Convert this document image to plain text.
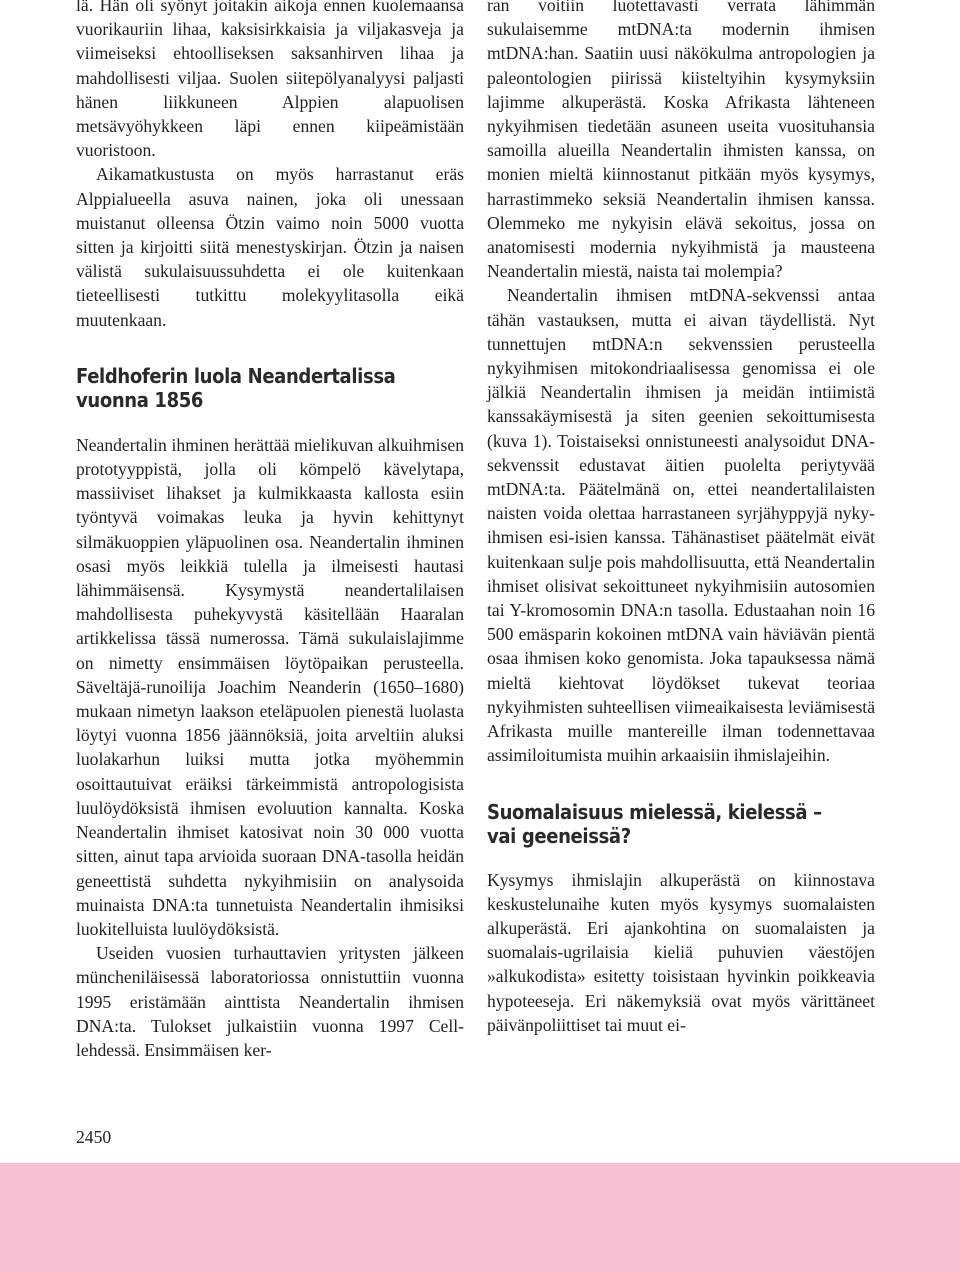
lä. Hän oli syönyt joitakin aikoja ennen kuolemaansa vuorikauriin lihaa, kaksisirkkaisia ja viljakasveja ja viimeiseksi ehtoolliseksen saksanhirven lihaa ja mahdollisesti viljaa. Suolen siitepölyanalyysi paljasti hänen liikkuneen Alppien alapuolisen metsävyöhykkeen läpi ennen kiipeämistään vuoristoon.

Aikamatkustusta on myös harrastanut eräs Alppialueella asuva nainen, joka oli unessaan muistanut olleensa Ötzin vaimo noin 5000 vuotta sitten ja kirjoitti siitä menestyskirjan. Ötzin ja naisen välistä sukulaisuussuhdetta ei ole kuitenkaan tieteellisesti tutkittu molekyylitasolla eikä muutenkaan.

Feldhoferin luola Neandertalissa vuonna 1856

Neandertalin ihminen herättää mielikuvan alkuihmisen prototyyppistä, jolla oli kömpelö kävelytapa, massiiviset lihakset ja kulmikkaasta kallosta esiin työntyvä voimakas leuka ja hyvin kehittynyt silmäkuoppien yläpuolinen osa. Neandertalin ihminen osasi myös leikkiä tulella ja ilmeisesti hautasi lähimmäisensä. Kysymystä neandertalilaisen mahdollisesta puhekyvystä käsitellään Haaralan artikkelissa tässä numerossa. Tämä sukulaislajimme on nimetty ensimmäisen löytöpaikan perusteella. Säveltäjä-runoilija Joachim Neanderin (1650–1680) mukaan nimetyn laakson eteläpuolen pienestä luolasta löytyi vuonna 1856 jäännöksiä, joita arveltiin aluksi luolakarhun luiksi mutta jotka myöhemmin osoittautuivat eräiksi tärkeimmistä antropologisista luulöydöksistä ihmisen evoluution kannalta. Koska Neandertalin ihmiset katosivat noin 30 000 vuotta sitten, ainut tapa arvioida suoraan DNA-tasolla heidän geneettistä suhdetta nykyihmisiin on analysoida muinaista DNA:ta tunnetuista Neandertalin ihmisiksi luokitelluista luulöydöksistä.

Useiden vuosien turhauttavien yritysten jälkeen müncheniläisessä laboratoriossa onnistuttiin vuonna 1995 eristämään ainttista Neandertalin ihmisen DNA:ta. Tulokset julkaistiin vuonna 1997 Cell-lehdessä. Ensimmäisen ker-

ran voitiin luotettavasti verrata lähimmän sukulaisemme mtDNA:ta modernin ihmisen mtDNA:han. Saatiin uusi näkökulma antropologien ja paleontologien piirissä kiisteltyihin kysymyksiin lajimme alkuperästä. Koska Afrikasta lähteneen nykyihmisen tiedetään asuneen useita vuosituhansia samoilla alueilla Neandertalin ihmisten kanssa, on monien mieltä kiinnostanut pitkään myös kysymys, harrastimmeko seksiä Neandertalin ihmisen kanssa. Olemmeko me nykyisin elävä sekoitus, jossa on anatomisesti modernia nykyihmistä ja mausteena Neandertalin miestä, naista tai molempia?

Neandertalin ihmisen mtDNA-sekvenssi antaa tähän vastauksen, mutta ei aivan täydellistä. Nyt tunnettujen mtDNA:n sekvenssien perusteella nykyihmisen mitokondriaalisessa genomissa ei ole jälkiä Neandertalin ihmisen ja meidän intiimistä kanssakäymisestä ja siten geenien sekoittumisesta (kuva 1). Toistaiseksi onnistuneesti analysoidut DNA-sekvenssit edustavat äitien puolelta periytyvää mtDNA:ta. Päätelmänä on, ettei neandertalilaisten naisten voida olettaa harrastaneen syrjähyppyjä nyky-ihmisen esi-isien kanssa. Tähänastiset päätelmät eivät kuitenkaan sulje pois mahdollisuutta, että Neandertalin ihmiset olisivat sekoittuneet nykyihmisiin autosomien tai Y-kromosomin DNA:n tasolla. Edustaahan noin 16 500 emäsparin kokoinen mtDNA vain häviävän pientä osaa ihmisen koko genomista. Joka tapauksessa nämä mieltä kiehtovat löydökset tukevat teoriaa nykyihmisten suhteellisen viimeaikaisesta leviämisestä Afrikasta muille mantereille ilman todennettavaa assimiloitumista muihin arkaaisiin ihmislajeihin.

Suomalaisuus mielessä, kielessä – vai geeneissä?

Kysymys ihmislajin alkuperästä on kiinnostava keskustelunaihe kuten myös kysymys suomalaisten alkuperästä. Eri ajankohtina on suomalaisten ja suomalais-ugrilaisia kieliä puhuvien väestöjen »alkukodista» esitetty toisistaan hyvinkin poikkeavia hypoteeseja. Eri näkemyksiä ovat myös värittäneet päivänpoliittiset tai muut ei-

2450
